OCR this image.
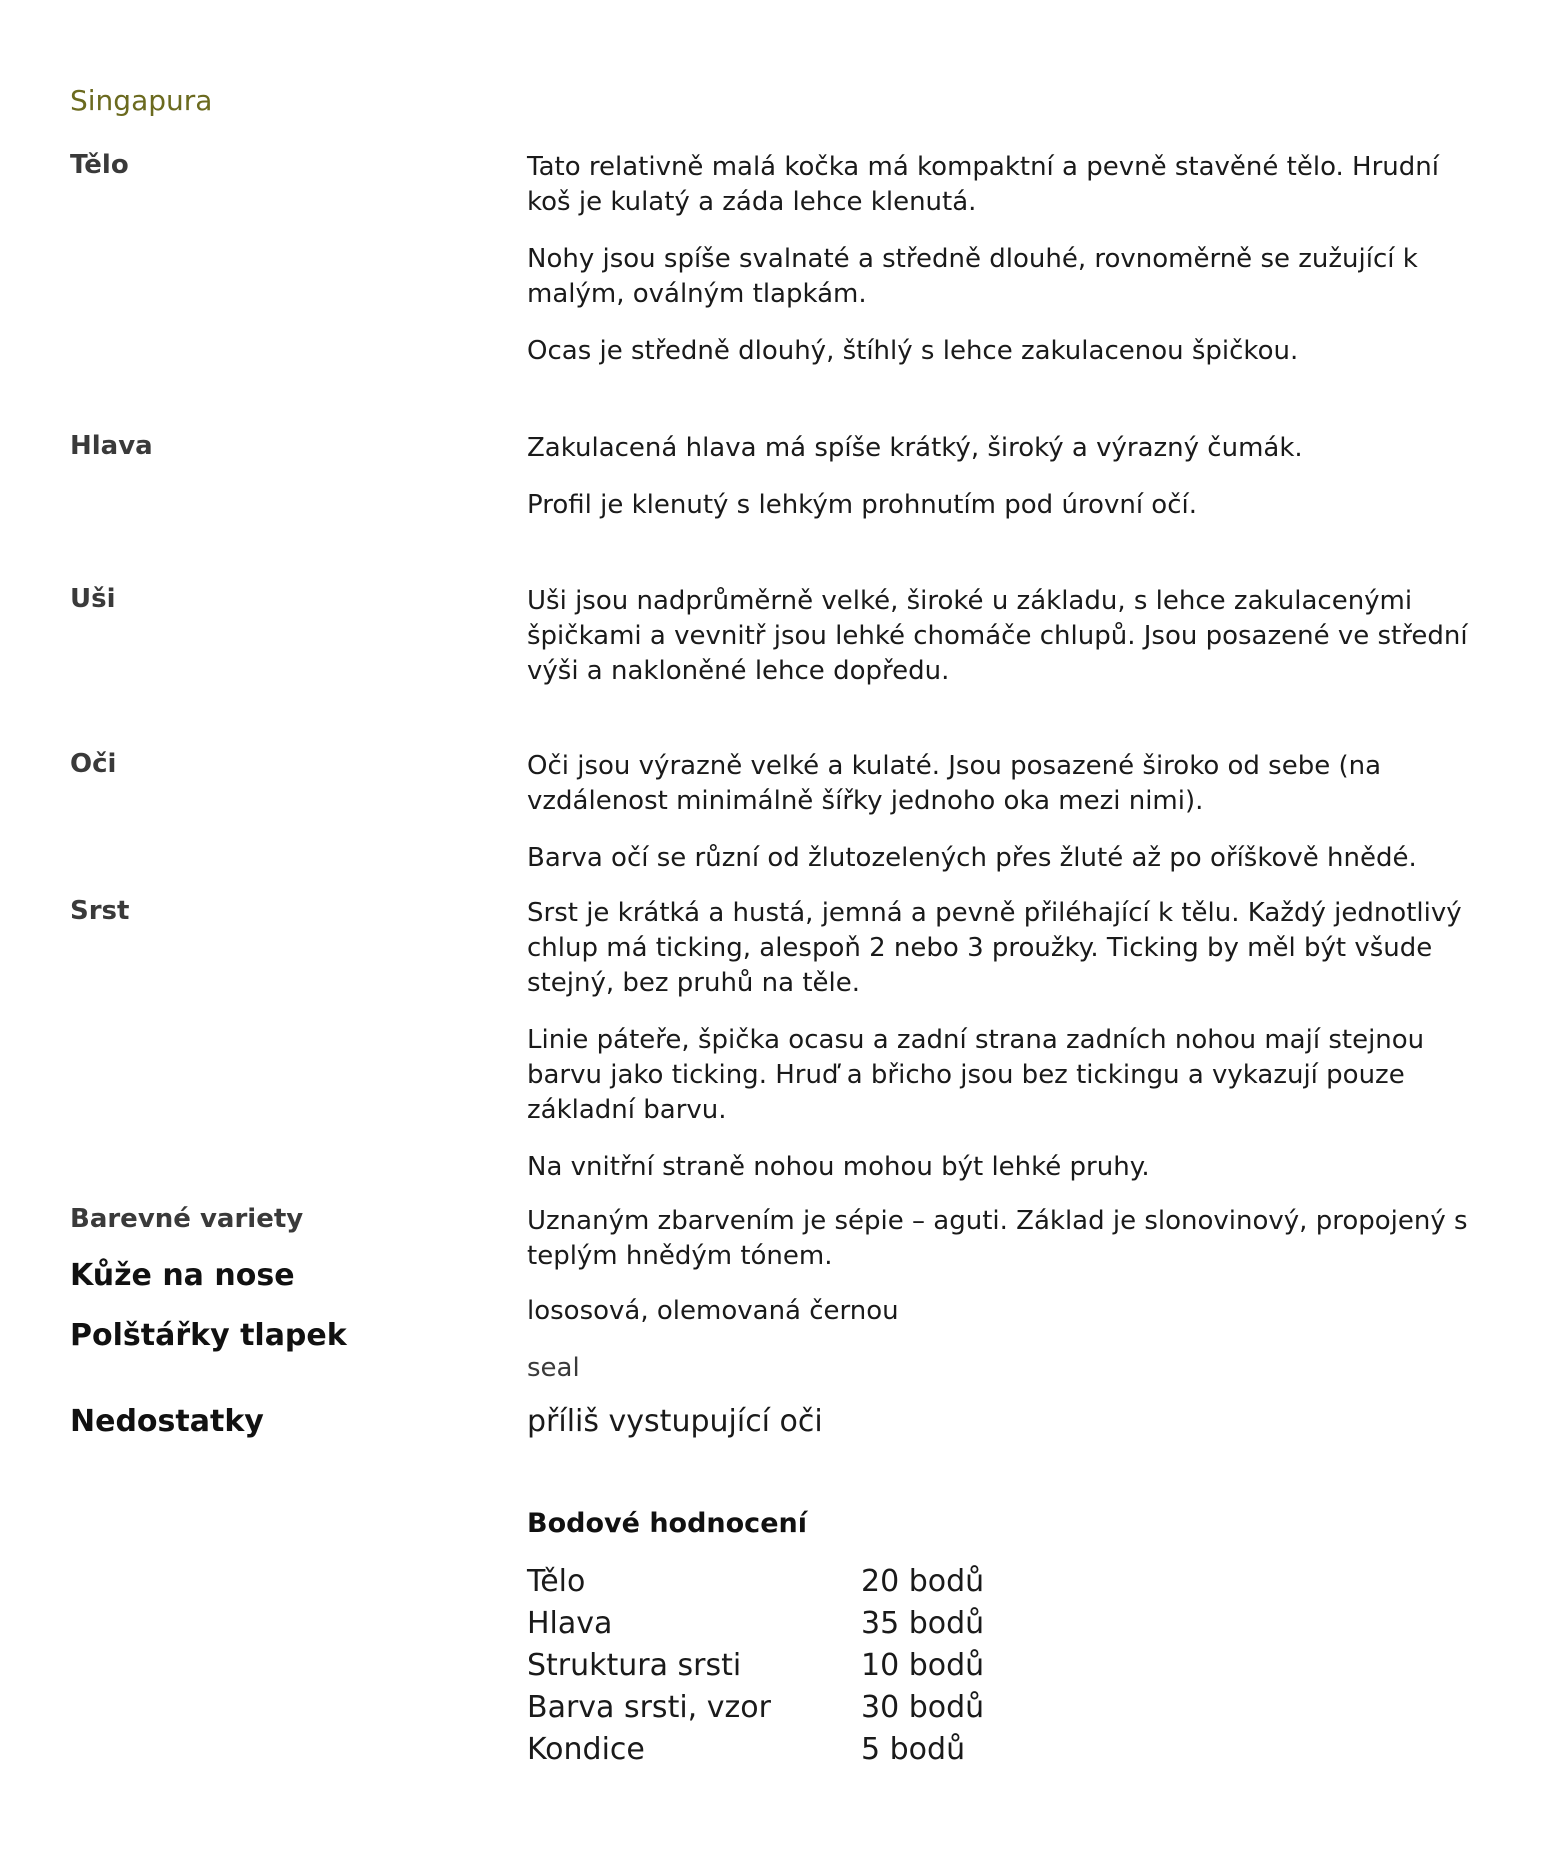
Singapura
Tělo	Tato relativně malá kočka má kompaktní a pevně stavěné tělo. Hrudní koš je kulatý a záda lehce klenutá.

Nohy jsou spíše svalnaté a středně dlouhé, rovnoměrně se zužující k malým, oválným tlapkám.

Ocas je středně dlouhý, štíhlý s lehce zakulacenou špičkou.

Hlava	Zakulacená hlava má spíše krátký, široký a výrazný čumák.

Profil je klenutý s lehkým prohnutím pod úrovní očí.

Uši	Uši jsou nadprůměrně velké, široké u základu, s lehce zakulacenými špičkami a vevnitř jsou lehké chomáče chlupů. Jsou posazené ve střední výši a nakloněné lehce dopředu.

Oči	Oči jsou výrazně velké a kulaté. Jsou posazené široko od sebe (na vzdálenost minimálně šířky jednoho oka mezi nimi).

Barva očí se různí od žlutozelených přes žluté až po oříškově hnědé.

Srst	Srst je krátká a hustá, jemná a pevně přiléhající k tělu. Každý jednotlivý chlup má ticking, alespoň 2 nebo 3 proužky. Ticking by měl být všude stejný, bez pruhů na těle.

Linie páteře, špička ocasu a zadní strana zadních nohou mají stejnou barvu jako ticking. Hruď a břicho jsou bez tickingu a vykazují pouze základní barvu.

Na vnitřní straně nohou mohou být lehké pruhy.

Barevné variety	Uznaným zbarvením je sépie – aguti. Základ je slonovinový, propojený s teplým hnědým tónem.

Kůže na nose
lososová, olemovaná černou
Polštářky tlapek
seal
Nedostatky	příliš vystupující oči
Bodové hodnocení
Tělo	20 bodů
Hlava	35 bodů
Struktura srsti	10 bodů
Barva srsti, vzor	30 bodů
Kondice	5 bodů
